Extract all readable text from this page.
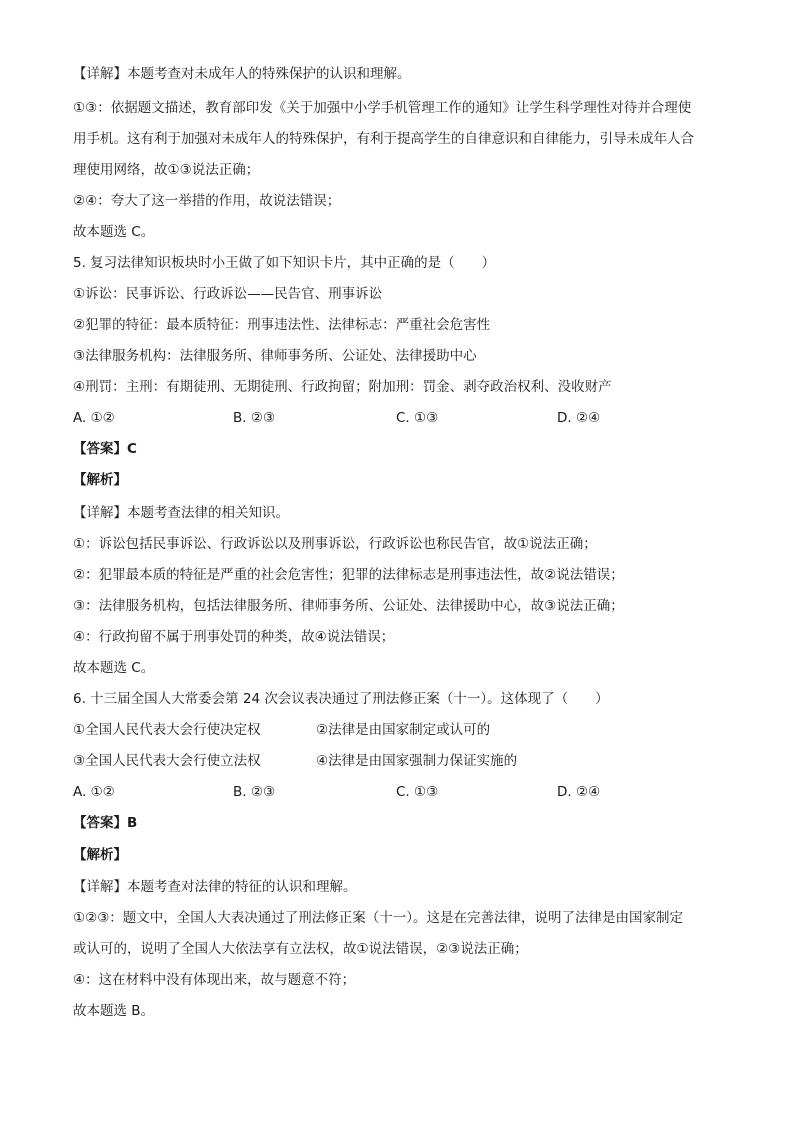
【详解】本题考查对未成年人的特殊保护的认识和理解。
①③：依据题文描述，教育部印发《关于加强中小学手机管理工作的通知》让学生科学理性对待并合理使
用手机。这有利于加强对未成年人的特殊保护，有利于提高学生的自律意识和自律能力，引导未成年人合
理使用网络，故①③说法正确；
②④：夸大了这一举措的作用，故说法错误；
故本题选 C。
5. 复习法律知识板块时小王做了如下知识卡片，其中正确的是（　　）
①诉讼：民事诉讼、行政诉讼——民告官、刑事诉讼
②犯罪的特征：最本质特征：刑事违法性、法律标志：严重社会危害性
③法律服务机构：法律服务所、律师事务所、公证处、法律援助中心
④刑罚：主刑：有期徒刑、无期徒刑、行政拘留；附加刑：罚金、剥夺政治权利、没收财产
A. ①②	B. ②③	C. ①③	D. ②④
【答案】C
【解析】
【详解】本题考查法律的相关知识。
①：诉讼包括民事诉讼、行政诉讼以及刑事诉讼，行政诉讼也称民告官，故①说法正确；
②：犯罪最本质的特征是严重的社会危害性；犯罪的法律标志是刑事违法性，故②说法错误；
③：法律服务机构，包括法律服务所、律师事务所、公证处、法律援助中心，故③说法正确；
④：行政拘留不属于刑事处罚的种类，故④说法错误；
故本题选 C。
6. 十三届全国人大常委会第 24 次会议表决通过了刑法修正案（十一）。这体现了（　　）
①全国人民代表大会行使决定权	②法律是由国家制定或认可的
③全国人民代表大会行使立法权	④法律是由国家强制力保证实施的
A. ①②	B. ②③	C. ①③	D. ②④
【答案】B
【解析】
【详解】本题考查对法律的特征的认识和理解。
①②③：题文中，全国人大表决通过了刑法修正案（十一）。这是在完善法律，说明了法律是由国家制定
或认可的，说明了全国人大依法享有立法权，故①说法错误，②③说法正确；
④：这在材料中没有体现出来，故与题意不符；
故本题选 B。
